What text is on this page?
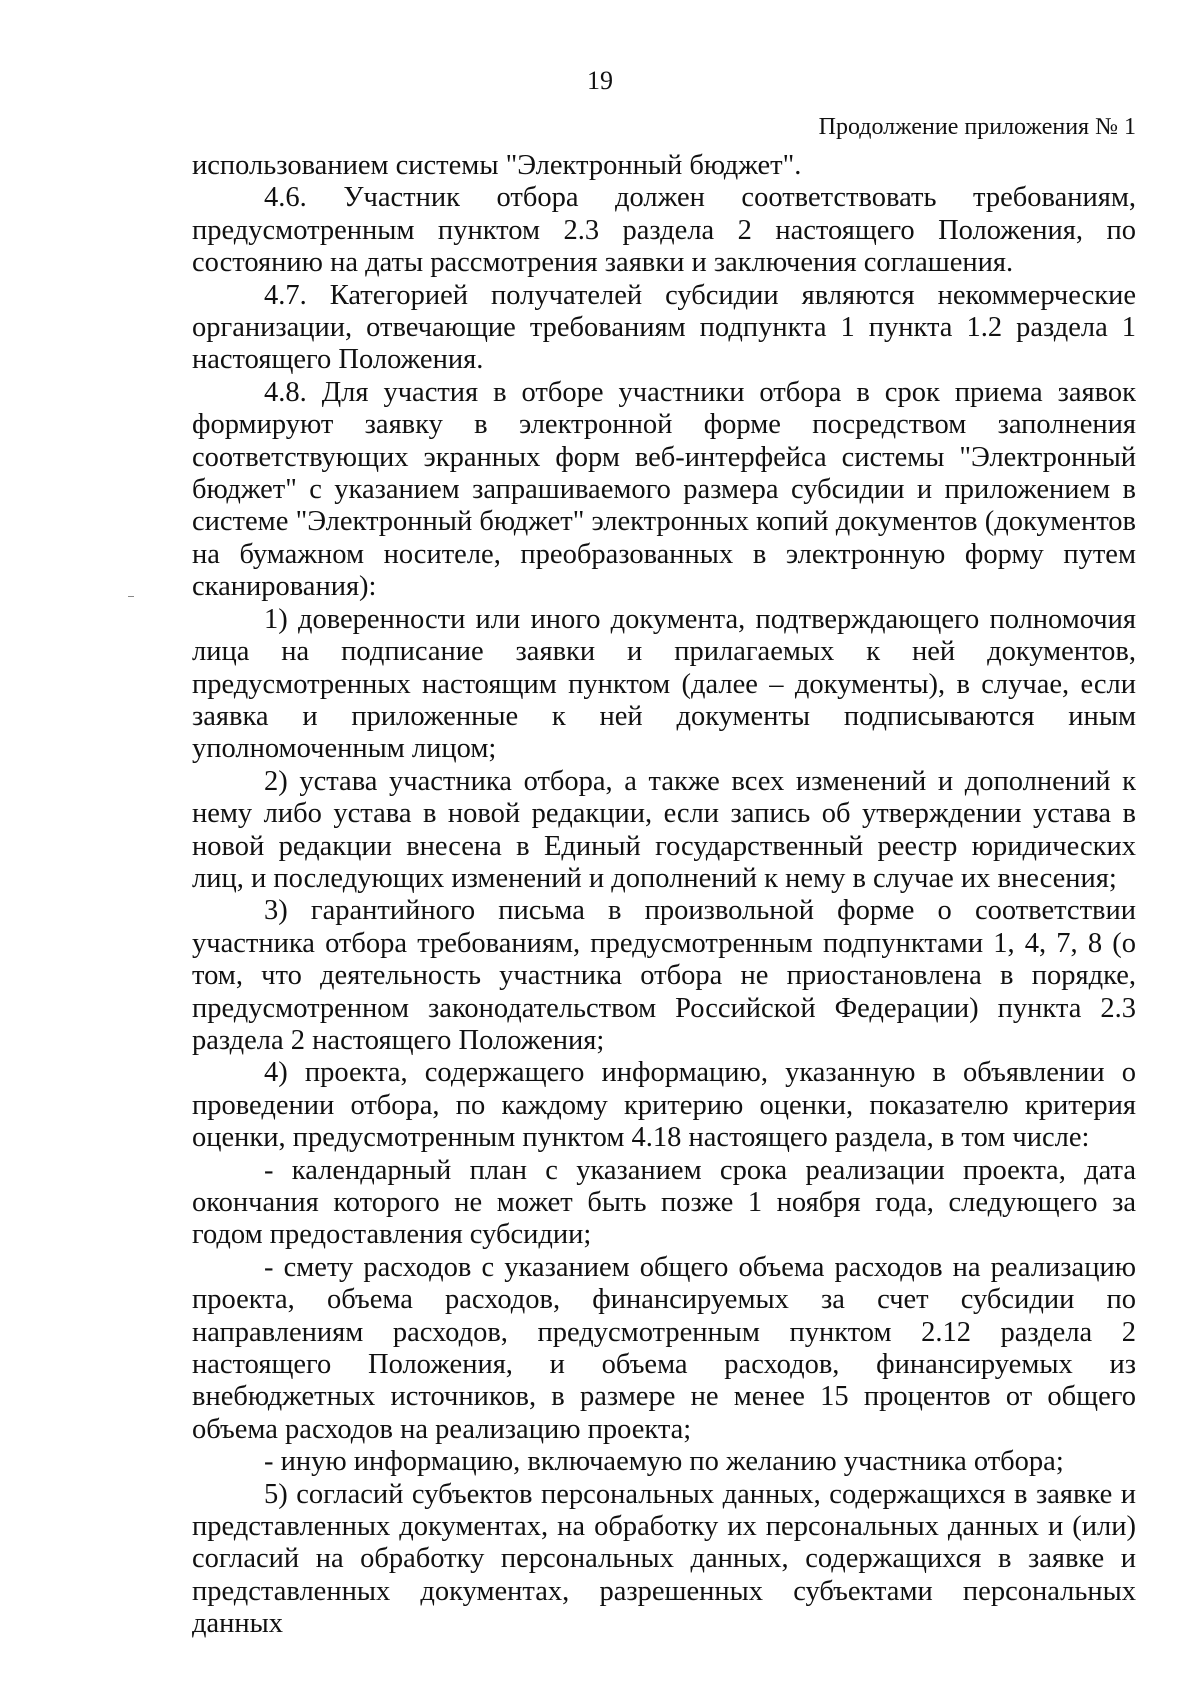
19
Продолжение приложения № 1

использованием системы "Электронный бюджет".

4.6. Участник отбора должен соответствовать требованиям, предусмотренным пунктом 2.3 раздела 2 настоящего Положения, по состоянию на даты рассмотрения заявки и заключения соглашения.

4.7. Категорией получателей субсидии являются некоммерческие организации, отвечающие требованиям подпункта 1 пункта 1.2 раздела 1 настоящего Положения.

4.8. Для участия в отборе участники отбора в срок приема заявок формируют заявку в электронной форме посредством заполнения соответствующих экранных форм веб-интерфейса системы "Электронный бюджет" с указанием запрашиваемого размера субсидии и приложением в системе "Электронный бюджет" электронных копий документов (документов на бумажном носителе, преобразованных в электронную форму путем сканирования):

1) доверенности или иного документа, подтверждающего полномочия лица на подписание заявки и прилагаемых к ней документов, предусмотренных настоящим пунктом (далее – документы), в случае, если заявка и приложенные к ней документы подписываются иным уполномоченным лицом;

2) устава участника отбора, а также всех изменений и дополнений к нему либо устава в новой редакции, если запись об утверждении устава в новой редакции внесена в Единый государственный реестр юридических лиц, и последующих изменений и дополнений к нему в случае их внесения;

3) гарантийного письма в произвольной форме о соответствии участника отбора требованиям, предусмотренным подпунктами 1, 4, 7, 8 (о том, что деятельность участника отбора не приостановлена в порядке, предусмотренном законодательством Российской Федерации) пункта 2.3 раздела 2 настоящего Положения;

4) проекта, содержащего информацию, указанную в объявлении о проведении отбора, по каждому критерию оценки, показателю критерия оценки, предусмотренным пунктом 4.18 настоящего раздела, в том числе:

- календарный план с указанием срока реализации проекта, дата окончания которого не может быть позже 1 ноября года, следующего за годом предоставления субсидии;

- смету расходов с указанием общего объема расходов на реализацию проекта, объема расходов, финансируемых за счет субсидии по направлениям расходов, предусмотренным пунктом 2.12 раздела 2 настоящего Положения, и объема расходов, финансируемых из внебюджетных источников, в размере не менее 15 процентов от общего объема расходов на реализацию проекта;

- иную информацию, включаемую по желанию участника отбора;

5) согласий субъектов персональных данных, содержащихся в заявке и представленных документах, на обработку их персональных данных и (или) согласий на обработку персональных данных, содержащихся в заявке и представленных документах, разрешенных субъектами персональных данных
